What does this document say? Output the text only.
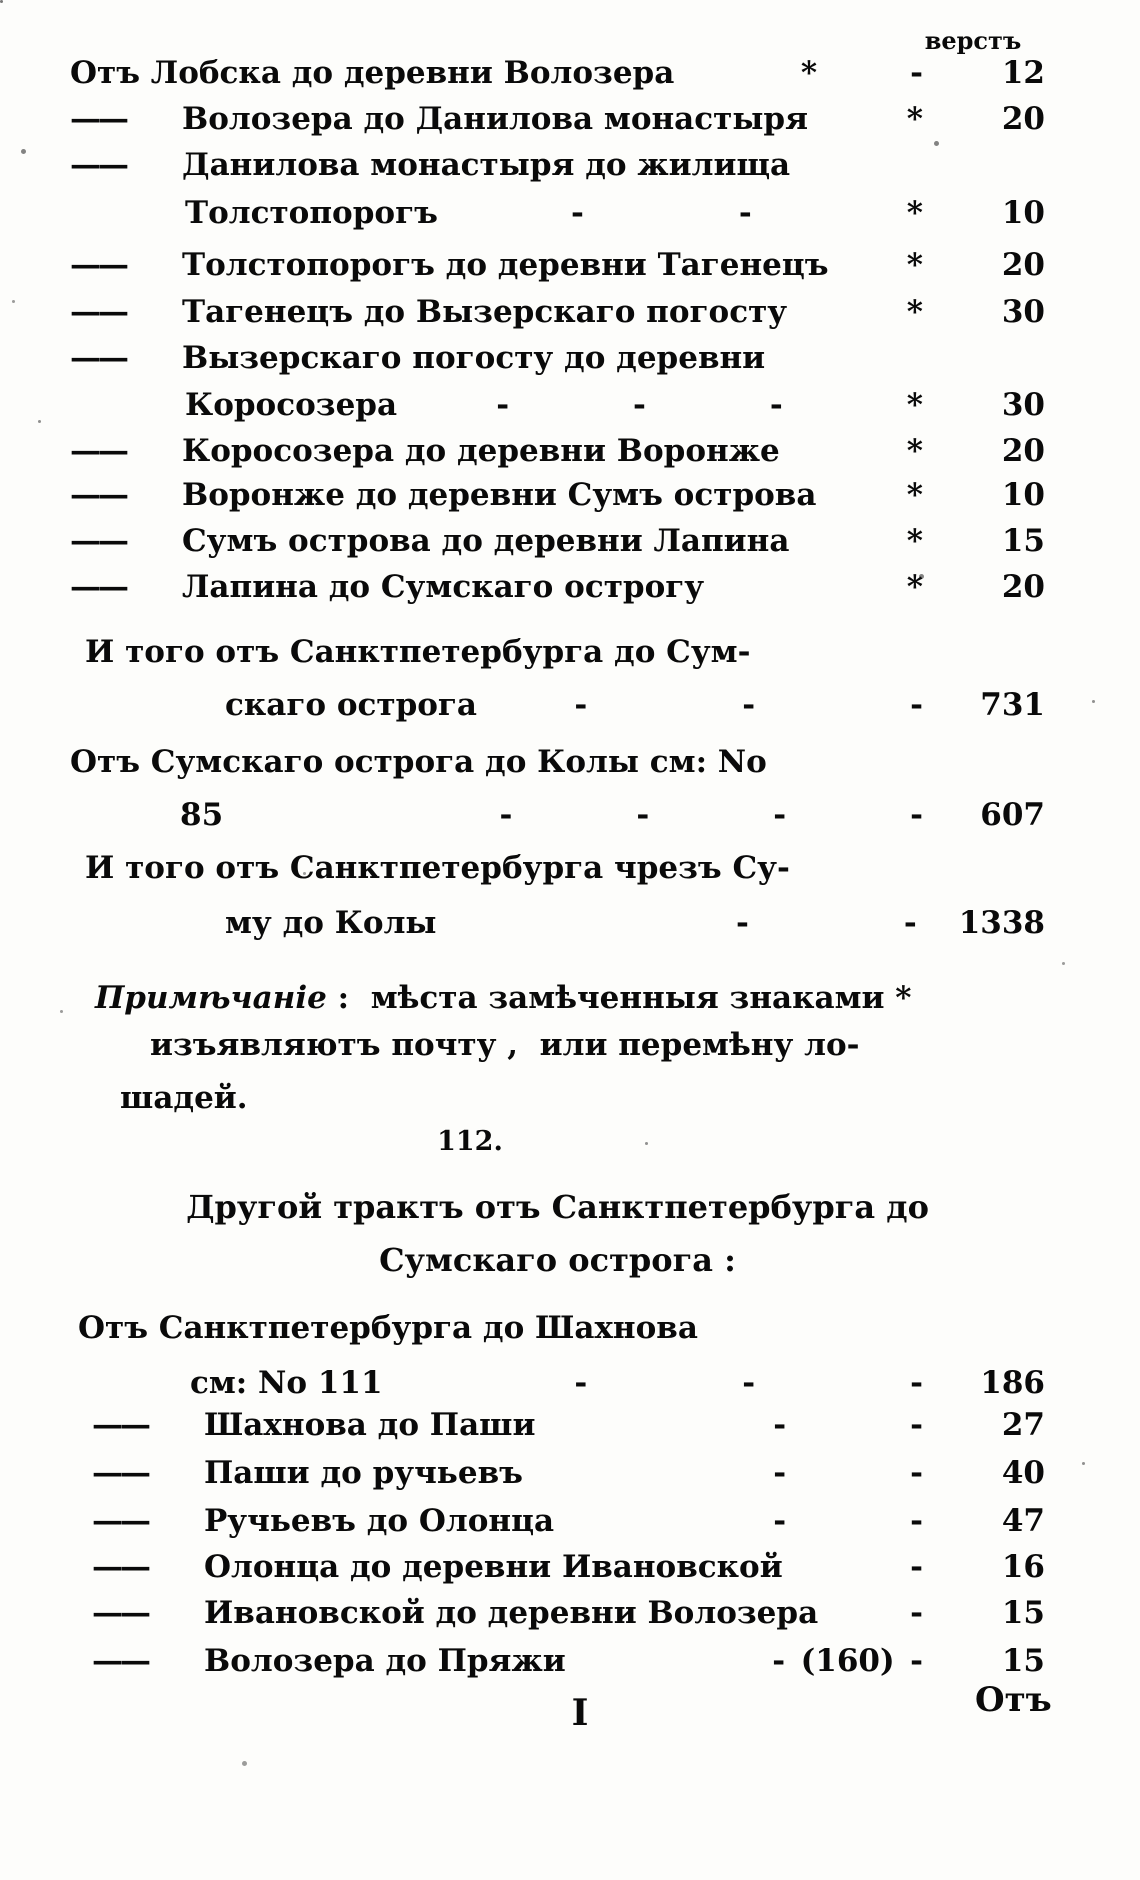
верстъ
Отъ Лобска до деревни Волозера	*   -	12
——	Волозера до Данилова монастыря	*	20
——	Данилова монастыря до жилища
Толстопорогъ	-     -     *	10
——	Толстопорогъ до деревни Тагенецъ	*	20
——	Тагенецъ до Вызерскаго погосту	*	30
——	Вызерскаго погосту до деревни
Коросозера	-    -    -    *	30
——	Коросозера до деревни Воронже	*	20
——	Воронже до деревни Сумъ острова	*	10
——	Сумъ острова до деревни Лапина	*	15
——	Лапина до Сумскаго острогу	*	20
И того отъ Санктпетербурга до Сум-
скаго острога	-     -     -	731
Отъ Сумскаго острога до Колы см: No
85	-    -    -    -	607
И того отъ Санктпетербурга чрезъ Су-
му до Колы	-     -	1338
Примѣчаніе : мѣста замѣченныя знаками *
изъявляютъ почту ,  или перемѣну ло-
шадей.
112.
Другой трактъ отъ Санктпетербурга до
Сумскаго острога :
Отъ Санктпетербурга до Шахнова
см: No 111	-     -     -	186
——	Шахнова до Паши	-    -	27
——	Паши до ручьевъ	-    -	40
——	Ручьевъ до Олонца	-    -	47
——	Олонца до деревни Ивановской	-	16
——	Ивановской до деревни Волозера	-	15
——	Волозера до Пряжи	- (160) -	15
I	Отъ
